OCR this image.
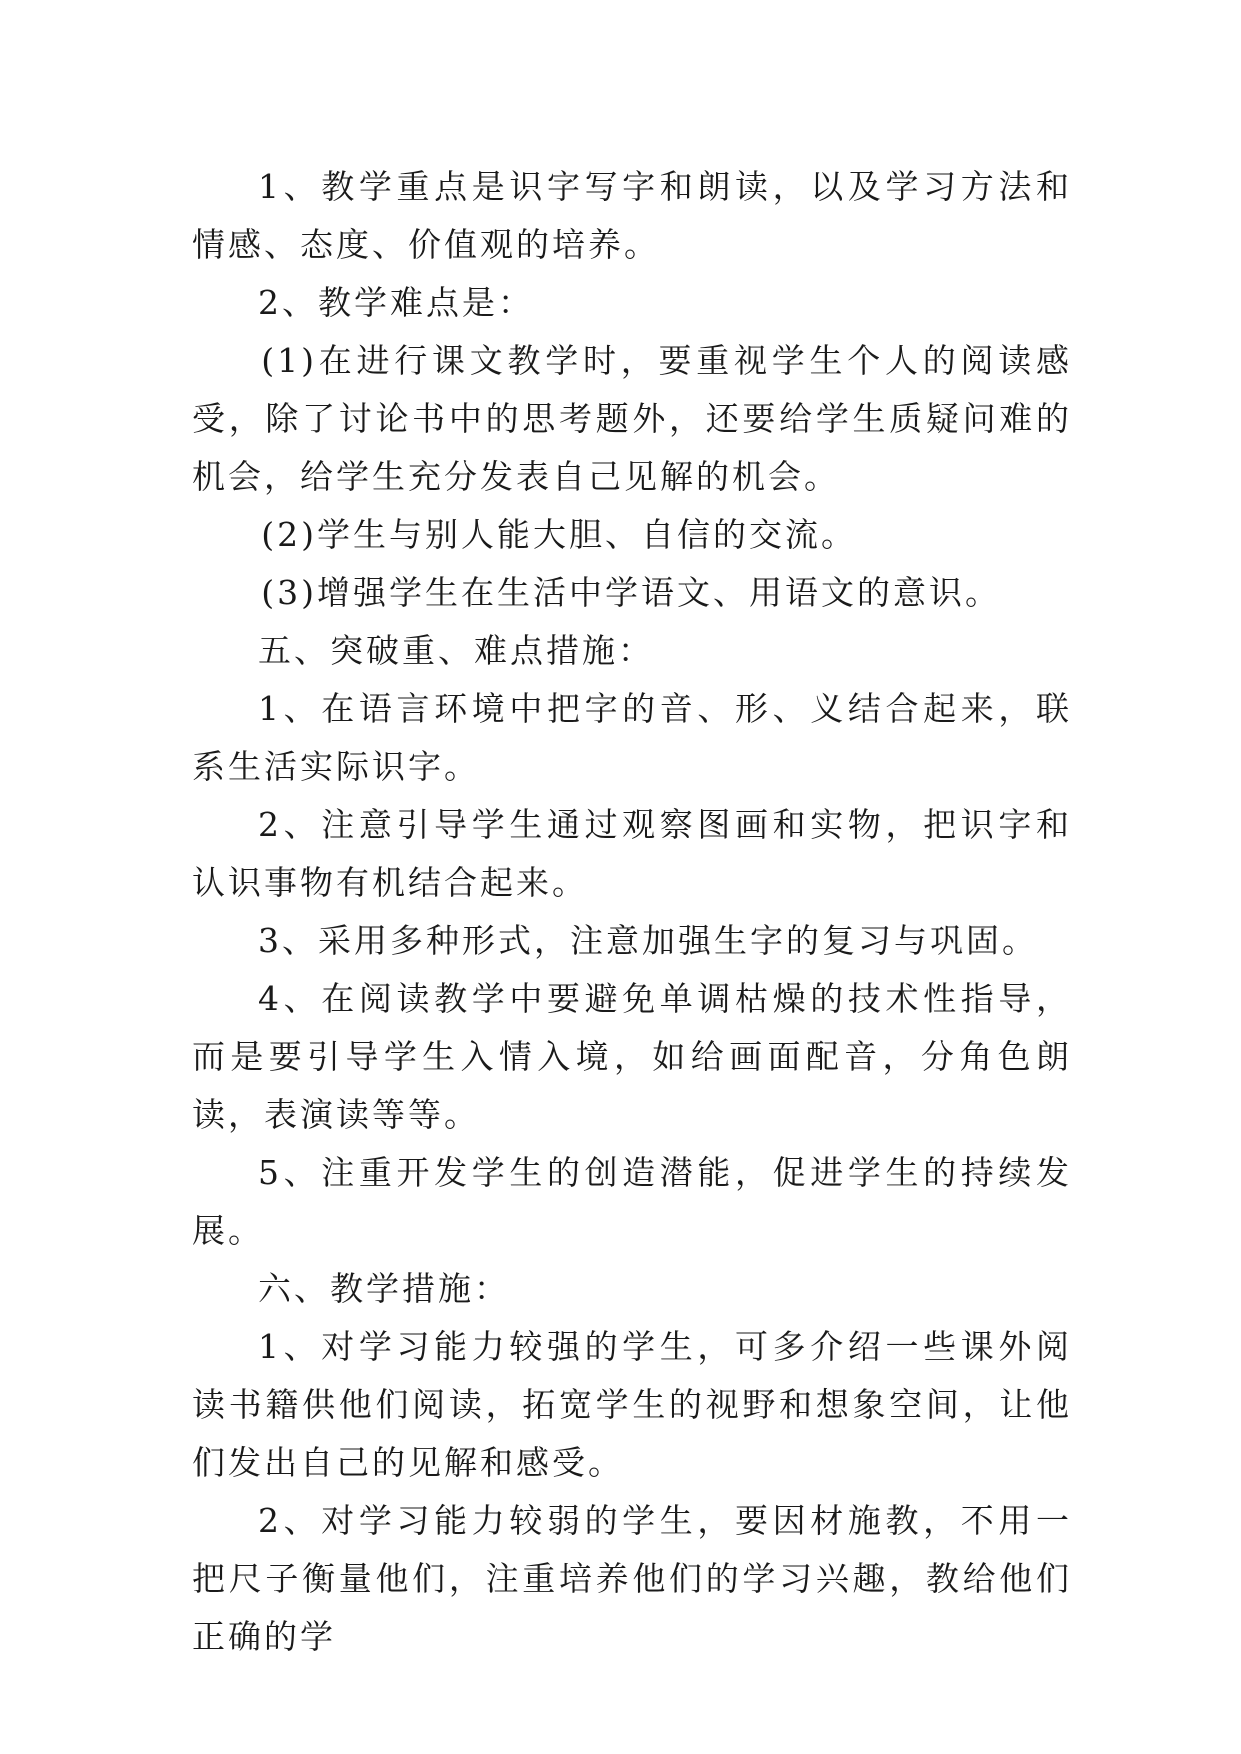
1、教学重点是识字写字和朗读，以及学习方法和情感、态度、价值观的培养。

2、教学难点是：

(1)在进行课文教学时，要重视学生个人的阅读感受，除了讨论书中的思考题外，还要给学生质疑问难的机会，给学生充分发表自己见解的机会。

(2)学生与别人能大胆、自信的交流。

(3)增强学生在生活中学语文、用语文的意识。

五、突破重、难点措施：

1、在语言环境中把字的音、形、义结合起来，联系生活实际识字。

2、注意引导学生通过观察图画和实物，把识字和认识事物有机结合起来。

3、采用多种形式，注意加强生字的复习与巩固。

4、在阅读教学中要避免单调枯燥的技术性指导，而是要引导学生入情入境，如给画面配音，分角色朗读，表演读等等。

5、注重开发学生的创造潜能，促进学生的持续发展。

六、教学措施：

1、对学习能力较强的学生，可多介绍一些课外阅读书籍供他们阅读，拓宽学生的视野和想象空间，让他们发出自己的见解和感受。

2、对学习能力较弱的学生，要因材施教，不用一把尺子衡量他们，注重培养他们的学习兴趣，教给他们正确的学
